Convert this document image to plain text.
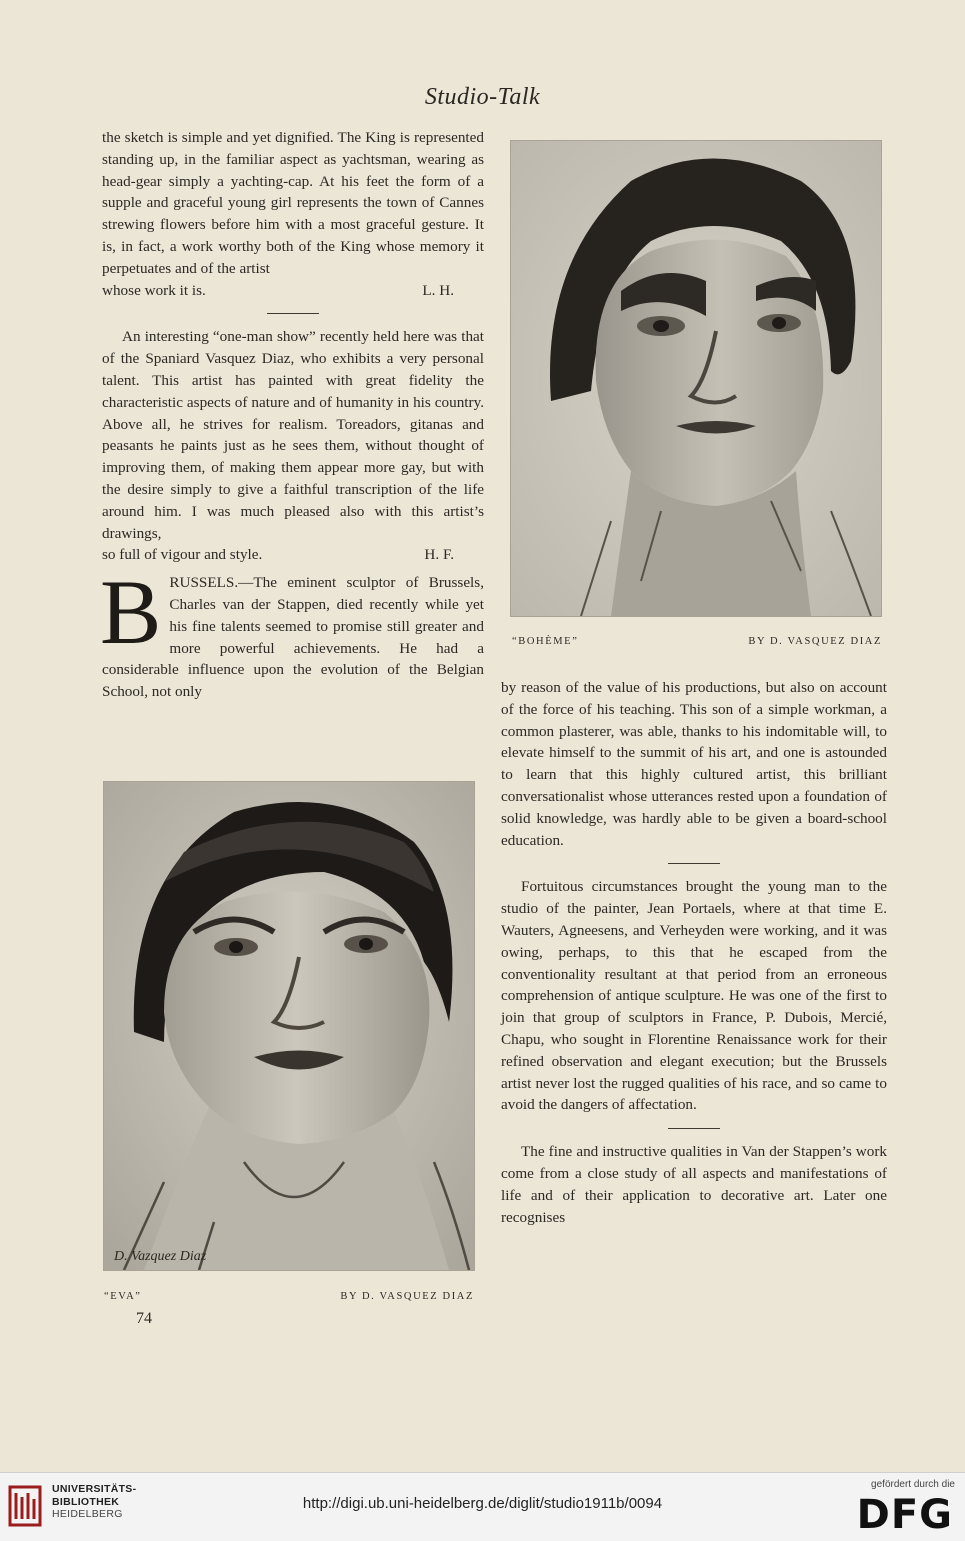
Studio-Talk

the sketch is simple and yet dignified. The King is represented standing up, in the familiar aspect as yachtsman, wearing as head-gear simply a yachting-cap. At his feet the form of a supple and graceful young girl represents the town of Cannes strewing flowers before him with a most graceful gesture. It is, in fact, a work worthy both of the King whose memory it perpetuates and of the artist

whose work it is.	L. H.

An interesting “one-man show” recently held here was that of the Spaniard Vasquez Diaz, who exhibits a very personal talent. This artist has painted with great fidelity the characteristic aspects of nature and of humanity in his country. Above all, he strives for realism. Toreadors, gitanas and peasants he paints just as he sees them, without thought of improving them, of making them appear more gay, but with the desire simply to give a faithful transcription of the life around him. I was much pleased also with this artist’s drawings,

so full of vigour and style.	H. F.
B RUSSELS.—The eminent sculptor of Brussels, Charles van der Stappen, died recently while yet his fine talents seemed to promise still greater and more powerful achievements. He had a considerable influence upon the evolution of the Belgian School, not only

“BOHÈME”	BY D. VASQUEZ DIAZ
D. Vazquez Diaz
“EVA”	BY D. VASQUEZ DIAZ

by reason of the value of his productions, but also on account of the force of his teaching. This son of a simple workman, a common plasterer, was able, thanks to his indomitable will, to elevate himself to the summit of his art, and one is astounded to learn that this highly cultured artist, this brilliant conversationalist whose utterances rested upon a foundation of solid knowledge, was hardly able to be given a board-school education.

Fortuitous circumstances brought the young man to the studio of the painter, Jean Portaels, where at that time E. Wauters, Agneesens, and Verheyden were working, and it was owing, perhaps, to this that he escaped from the conventionality resultant at that period from an erroneous comprehension of antique sculpture. He was one of the first to join that group of sculptors in France, P. Dubois, Mercié, Chapu, who sought in Florentine Renaissance work for their refined observation and elegant execution; but the Brussels artist never lost the rugged qualities of his race, and so came to avoid the dangers of affectation.

The fine and instructive qualities in Van der Stappen’s work come from a close study of all aspects and manifestations of life and of their application to decorative art. Later one recognises

74
UNIVERSITÄTS-
BIBLIOTHEK
HEIDELBERG
http://digi.ub.uni-heidelberg.de/diglit/studio1911b/0094
gefördert durch die
DFG
